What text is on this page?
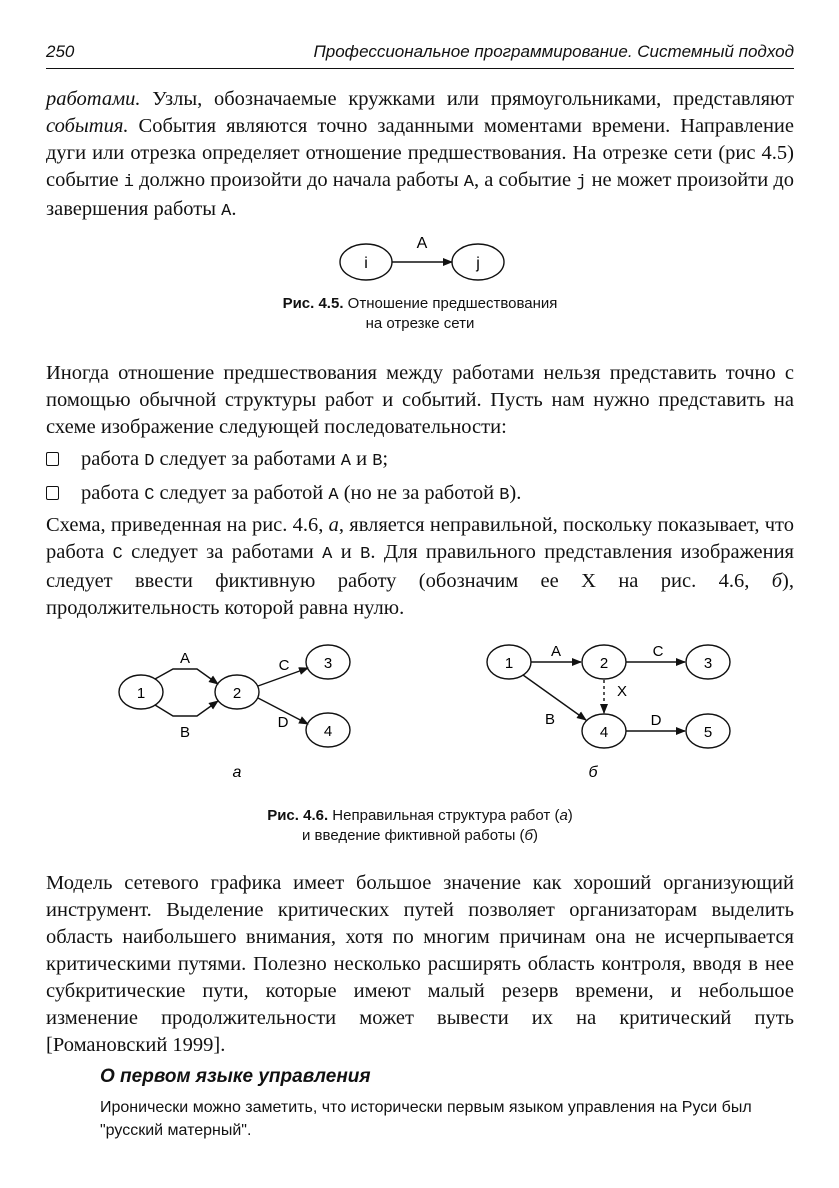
250	Профессиональное программирование. Системный подход
работами. Узлы, обозначаемые кружками или прямоугольниками, представляют события. События являются точно заданными моментами времени. Направление дуги или отрезка определяет отношение предшествования. На отрезке сети (рис 4.5) событие i должно произойти до начала работы A, а событие j не может произойти до завершения работы A.
i	j
A
Рис. 4.5. Отношение предшествования
на отрезке сети
Иногда отношение предшествования между работами нельзя представить точно с помощью обычной структуры работ и событий. Пусть нам нужно представить на схеме изображение следующей последовательности:
работа D следует за работами A и B;
работа C следует за работой A (но не за работой B).
Схема, приведенная на рис. 4.6, а, является неправильной, поскольку показывает, что работа C следует за работами A и B. Для правильного представления изображения следует ввести фиктивную работу (обозначим ее X на рис. 4.6, б), продолжительность которой равна нулю.
1	2
3
4
A
B
C
D
а
1	2	3
4	5
A	C
X
B	D
б
Рис. 4.6. Неправильная структура работ (а)
и введение фиктивной работы (б)
Модель сетевого графика имеет большое значение как хороший организующий инструмент. Выделение критических путей позволяет организаторам выделить область наибольшего внимания, хотя по многим причинам она не исчерпывается критическими путями. Полезно несколько расширять область контроля, вводя в нее субкритические пути, которые имеют малый резерв времени, и небольшое изменение продолжительности может вывести их на критический путь [Романовский 1999].
О первом языке управления
Иронически можно заметить, что исторически первым языком управления на Руси был "русский матерный".
